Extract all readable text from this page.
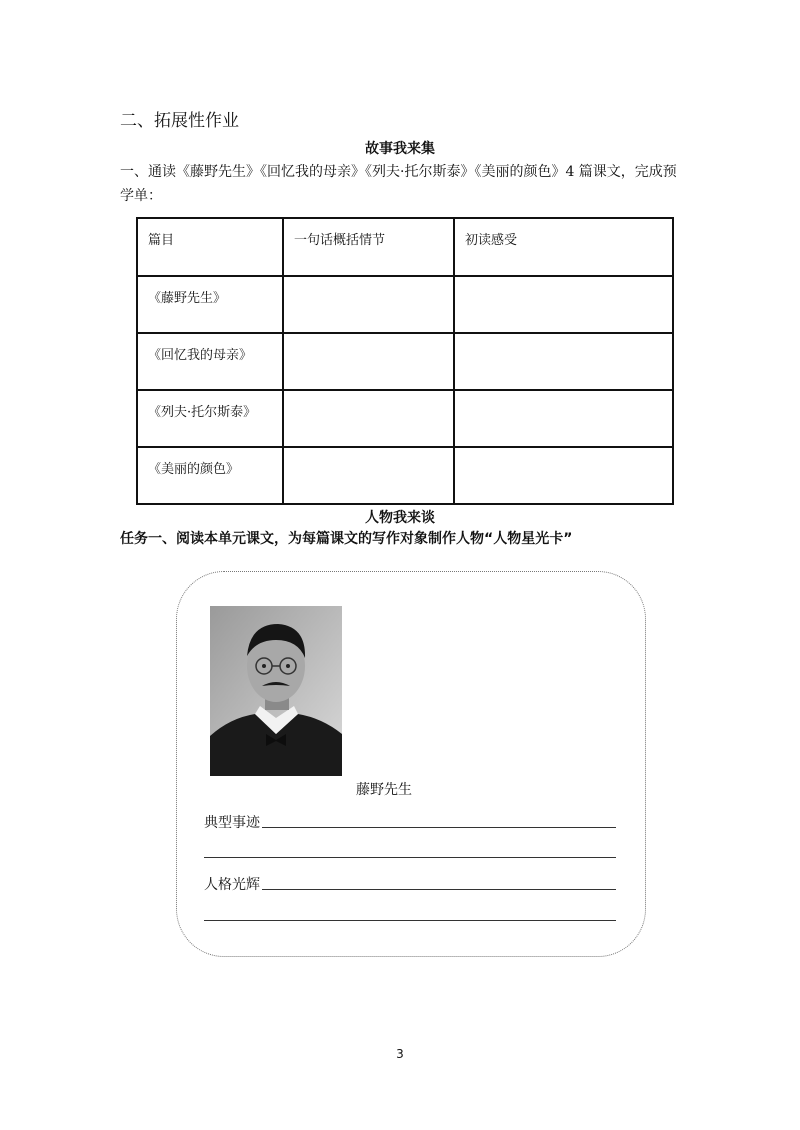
二、拓展性作业
故事我来集
一、通读《藤野先生》《回忆我的母亲》《列夫·托尔斯泰》《美丽的颜色》4 篇课文，完成预学单：
篇目	一句话概括情节	初读感受
《藤野先生》		
《回忆我的母亲》		
《列夫·托尔斯泰》		
《美丽的颜色》		
人物我来谈
任务一、阅读本单元课文，为每篇课文的写作对象制作人物“人物星光卡”
藤野先生
典型事迹
人格光辉
3
